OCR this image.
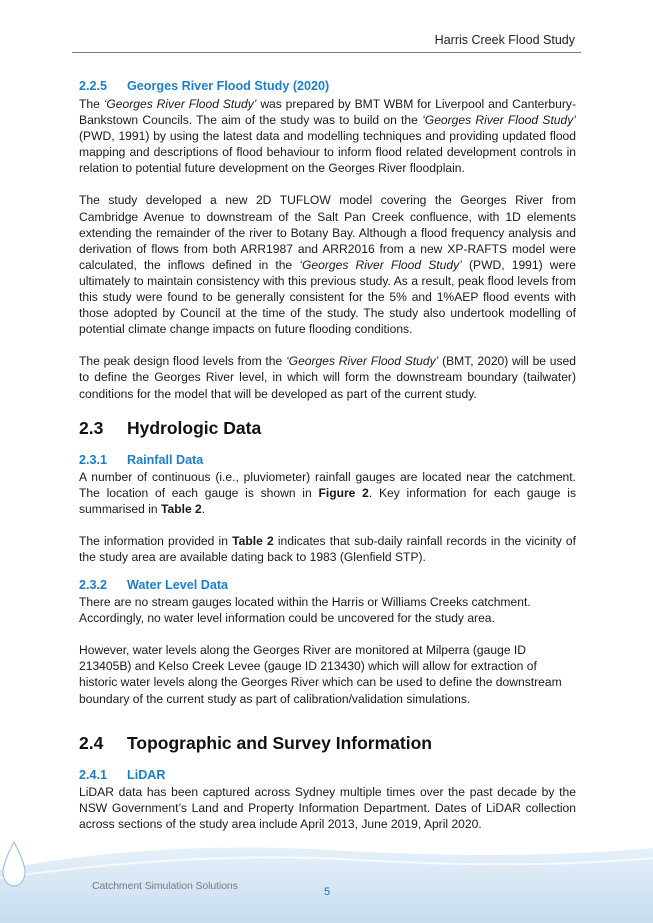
Harris Creek Flood Study
2.2.5	Georges River Flood Study (2020)

The ‘Georges River Flood Study’ was prepared by BMT WBM for Liverpool and Canterbury-Bankstown Councils. The aim of the study was to build on the ‘Georges River Flood Study’ (PWD, 1991) by using the latest data and modelling techniques and providing updated flood mapping and descriptions of flood behaviour to inform flood related development controls in relation to potential future development on the Georges River floodplain.

The study developed a new 2D TUFLOW model covering the Georges River from Cambridge Avenue to downstream of the Salt Pan Creek confluence, with 1D elements extending the remainder of the river to Botany Bay. Although a flood frequency analysis and derivation of flows from both ARR1987 and ARR2016 from a new XP-RAFTS model were calculated, the inflows defined in the ‘Georges River Flood Study’ (PWD, 1991) were ultimately to maintain consistency with this previous study. As a result, peak flood levels from this study were found to be generally consistent for the 5% and 1%AEP flood events with those adopted by Council at the time of the study. The study also undertook modelling of potential climate change impacts on future flooding conditions.

The peak design flood levels from the ‘Georges River Flood Study’ (BMT, 2020) will be used to define the Georges River level, in which will form the downstream boundary (tailwater) conditions for the model that will be developed as part of the current study.

2.3	Hydrologic Data
2.3.1	Rainfall Data

A number of continuous (i.e., pluviometer) rainfall gauges are located near the catchment. The location of each gauge is shown in Figure 2. Key information for each gauge is summarised in Table 2.

The information provided in Table 2 indicates that sub-daily rainfall records in the vicinity of the study area are available dating back to 1983 (Glenfield STP).

2.3.2	Water Level Data

There are no stream gauges located within the Harris or Williams Creeks catchment. Accordingly, no water level information could be uncovered for the study area.

However, water levels along the Georges River are monitored at Milperra (gauge ID 213405B) and Kelso Creek Levee (gauge ID 213430) which will allow for extraction of historic water levels along the Georges River which can be used to define the downstream boundary of the current study as part of calibration/validation simulations.

2.4	Topographic and Survey Information
2.4.1	LiDAR

LiDAR data has been captured across Sydney multiple times over the past decade by the NSW Government’s Land and Property Information Department. Dates of LiDAR collection across sections of the study area include April 2013, June 2019, April 2020.

Catchment Simulation Solutions	5
